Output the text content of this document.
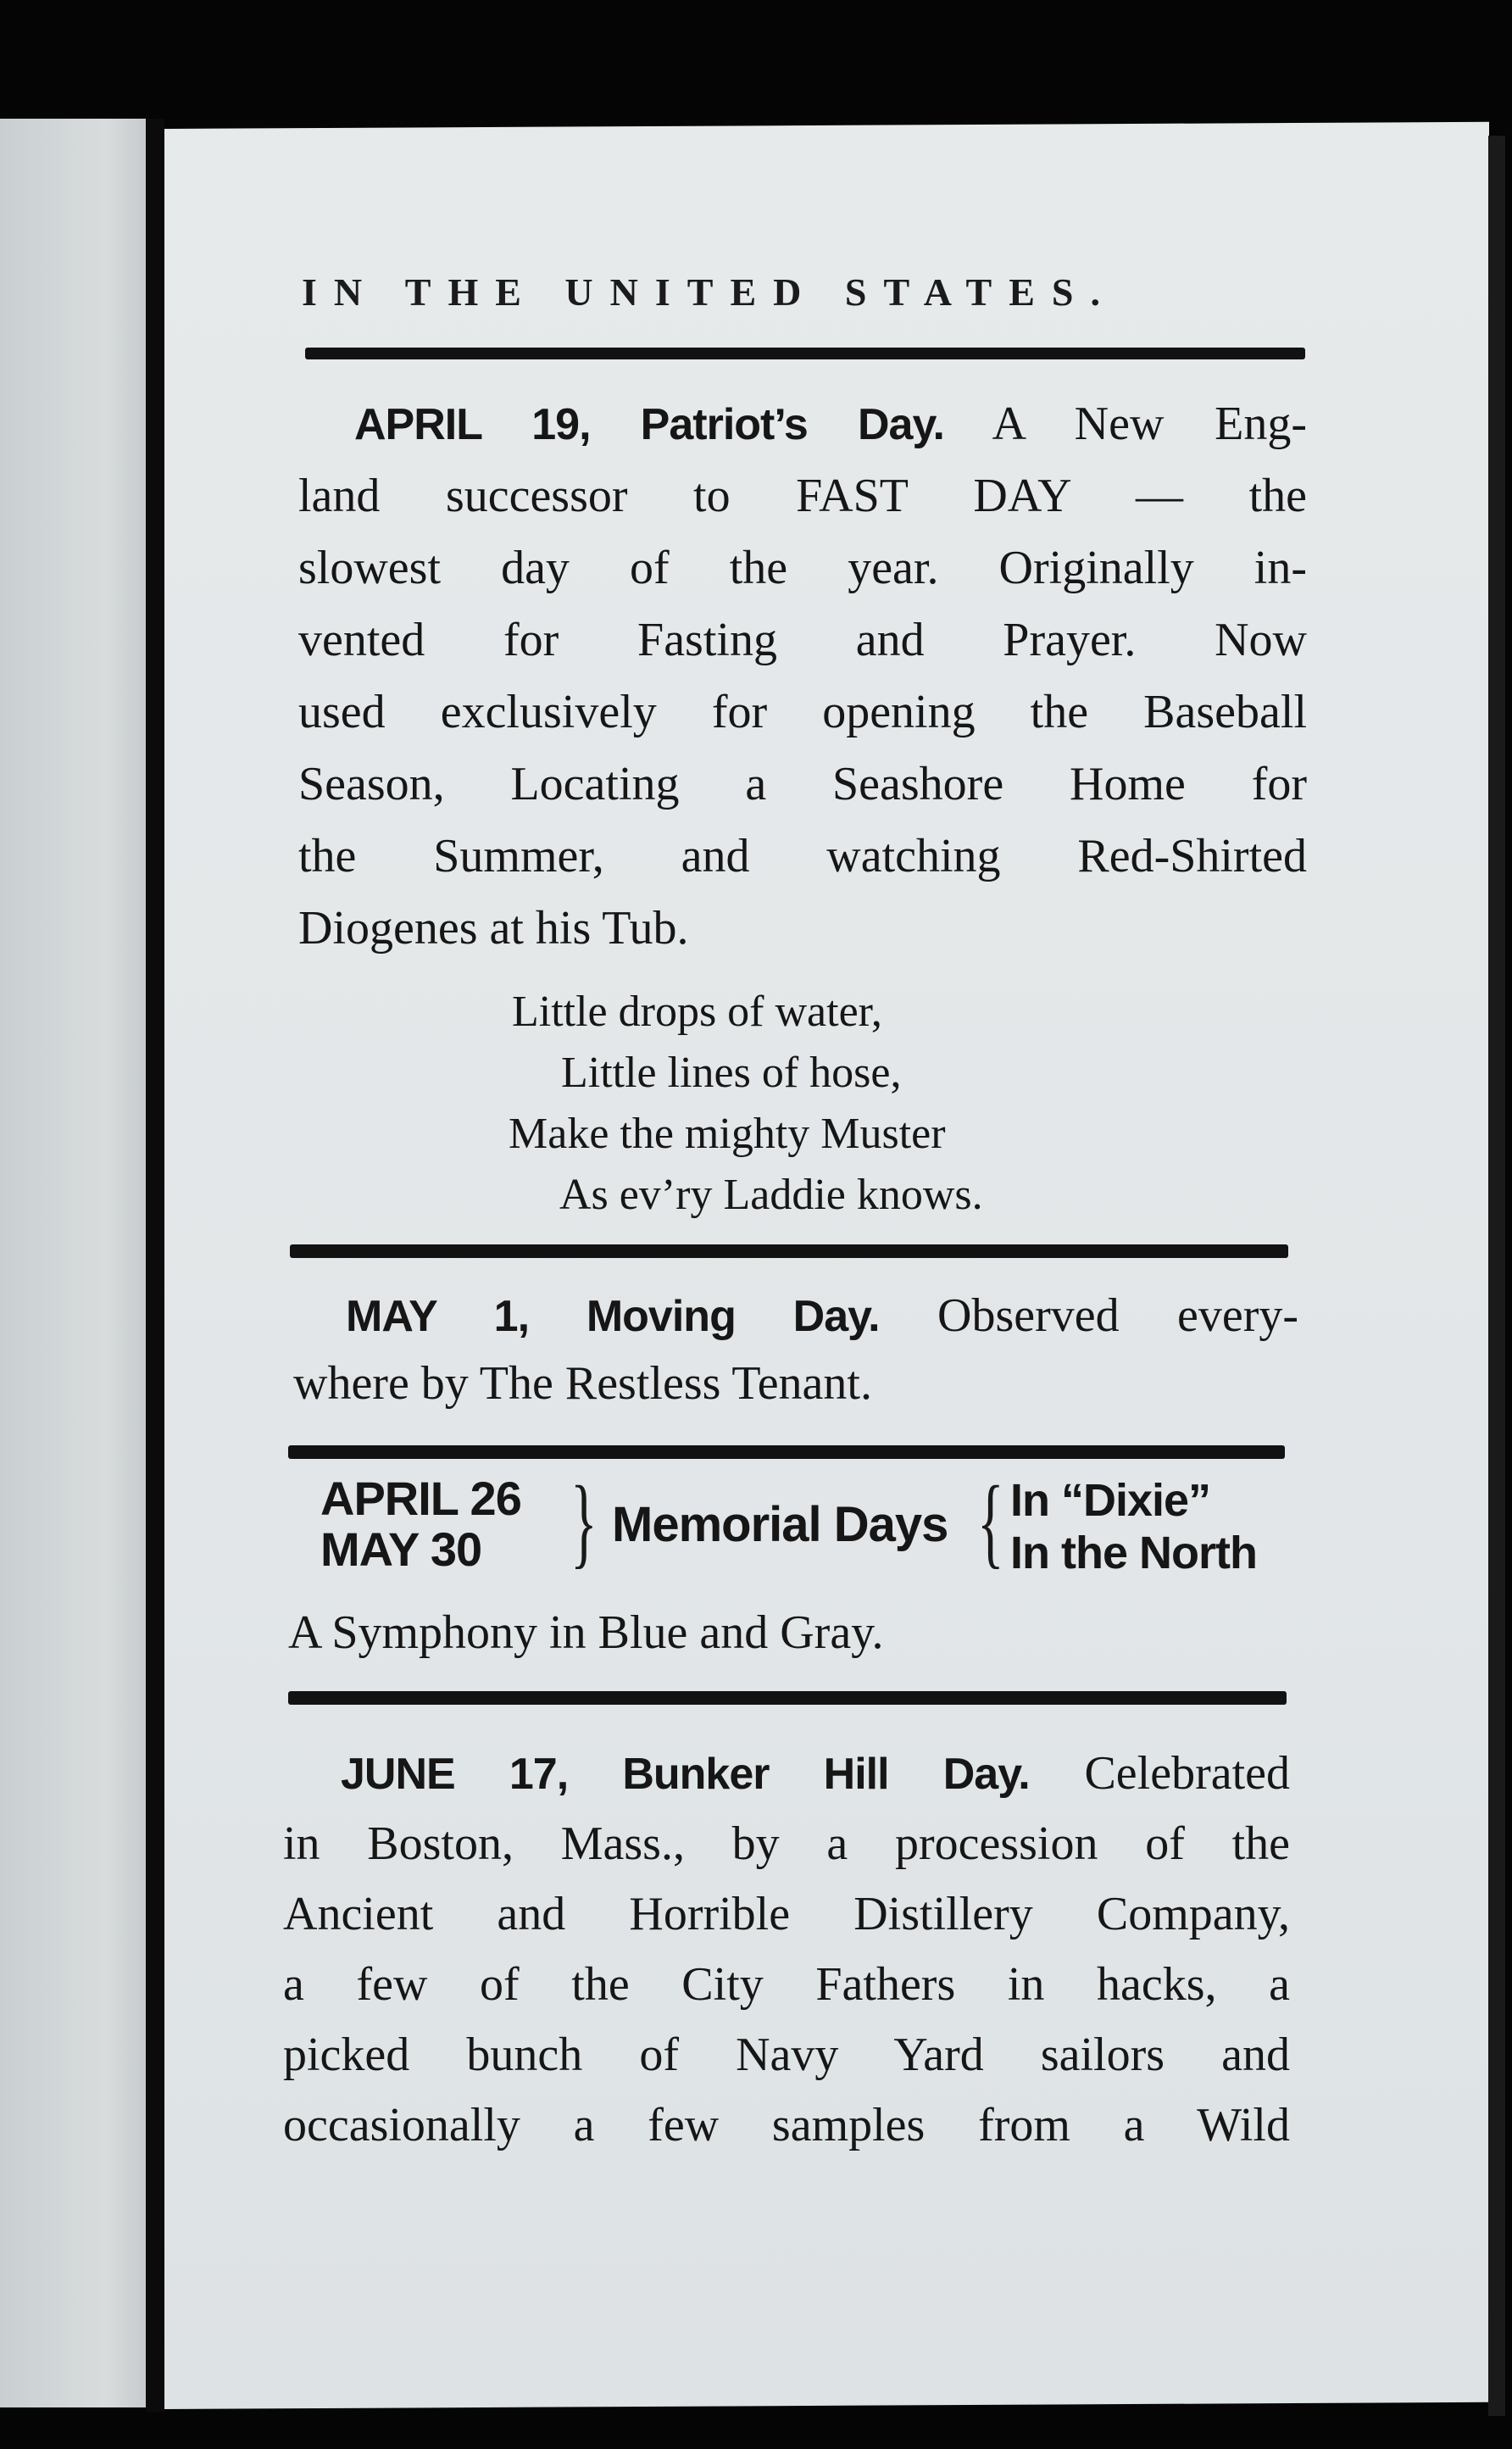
IN THE UNITED STATES.
APRIL 19, Patriot’s Day. A New Eng-
land successor to FAST DAY — the
slowest day of the year. Originally in-
vented for Fasting and Prayer. Now
used exclusively for opening the Baseball
Season, Locating a Seashore Home for
the Summer, and watching Red-Shirted
Diogenes at his Tub.
Little drops of water,
Little lines of hose,
Make the mighty Muster
As ev’ry Laddie knows.
MAY 1, Moving Day. Observed every-
where by The Restless Tenant.
APRIL 26
MAY 30 } Memorial Days { In “Dixie”
In the North
A Symphony in Blue and Gray.
JUNE 17, Bunker Hill Day. Celebrated
in Boston, Mass., by a procession of the
Ancient and Horrible Distillery Company,
a few of the City Fathers in hacks, a
picked bunch of Navy Yard sailors and
occasionally a few samples from a Wild
